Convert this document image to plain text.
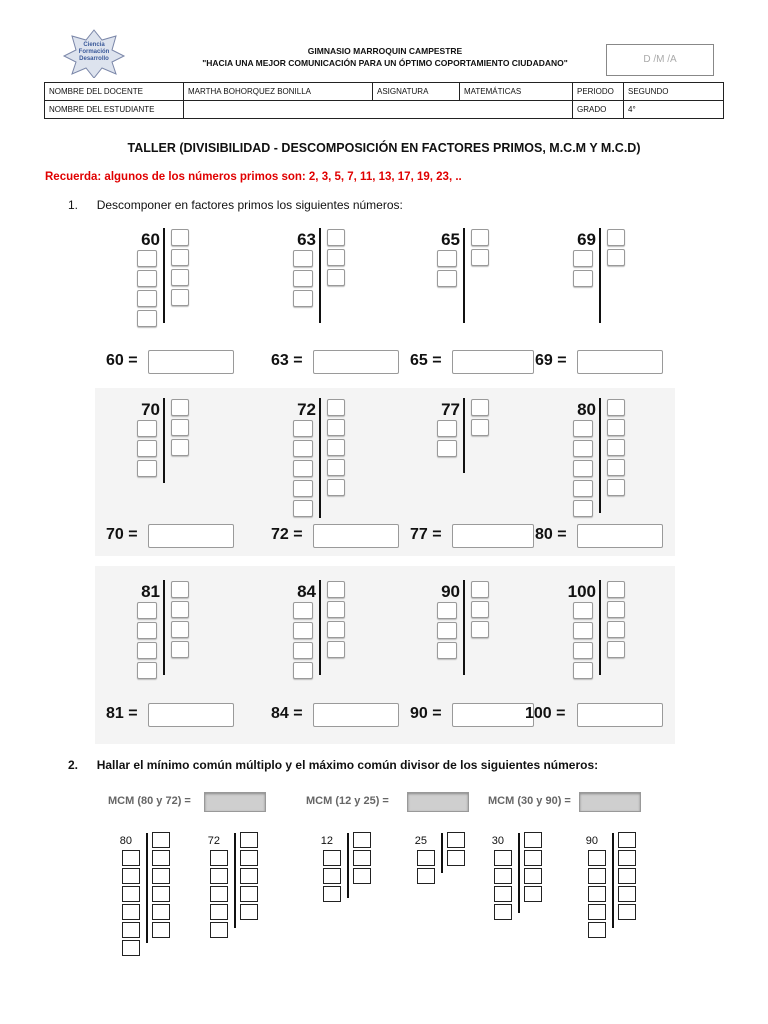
Ciencia
Formación
Desarrollo
GIMNASIO MARROQUIN CAMPESTRE
"HACIA UNA MEJOR COMUNICACIÓN PARA UN ÓPTIMO COPORTAMIENTO CIUDADANO"	D /M /A
NOMBRE DEL DOCENTE	MARTHA BOHORQUEZ BONILLA	ASIGNATURA	MATEMÁTICAS	PERIODO	SEGUNDO
NOMBRE DEL ESTUDIANTE				GRADO	4°
TALLER (DIVISIBILIDAD - DESCOMPOSICIÓN EN FACTORES PRIMOS, M.C.M Y M.C.D)
Recuerda: algunos de los números primos son: 2, 3, 5, 7, 11, 13, 17, 19, 23, ..
1. Descomponer en factores primos los siguientes números:
60
60 =
63
63 =
65
65 =
69
69 =
70
70 =
72
72 =
77
77 =
80
80 =
81
81 =
84
84 =
90
90 =
100
100 =
2. Hallar el mínimo común múltiplo y el máximo común divisor de los siguientes números:
MCM (80 y 72) =	MCM (12 y 25) =	MCM (30 y 90) =
80	72	12	25	30	90
